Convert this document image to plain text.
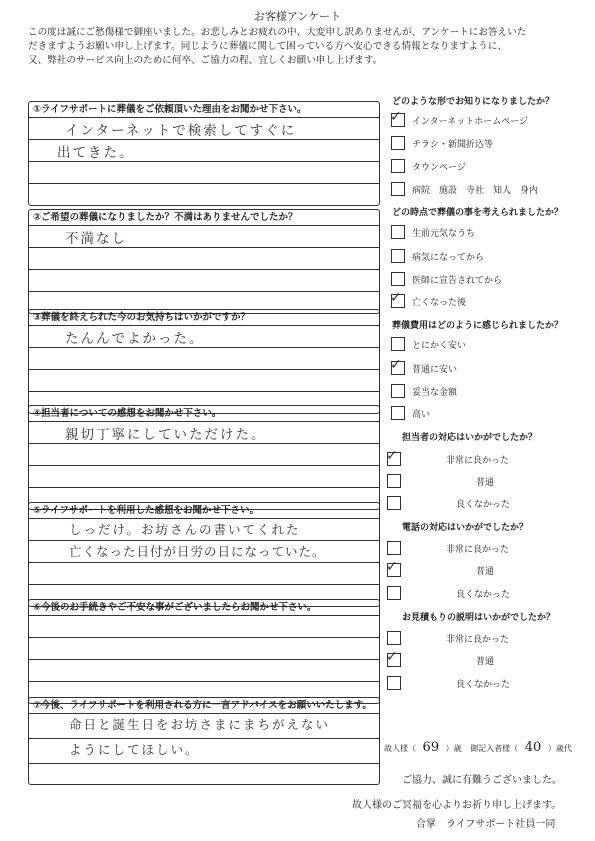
お客様アンケート
この度は誠にご愁傷様で御座いました。お悲しみとお疲れの中、大変申し訳ありませんが、アンケートにお答えいた
だきますようお願い申し上げます。同じように葬儀に関して困っている方へ安心できる情報となりますように、
又、弊社のサービス向上のために何卒、ご協力の程、宜しくお願い申し上げます。
①ライフサポートに葬儀をご依頼頂いた理由をお聞かせ下さい。
インターネットで検索してすぐに
出てきた。
②ご希望の葬儀になりましたか？不満はありませんでしたか？
不満なし
③葬儀を終えられた今のお気持ちはいかがですか？
たんんでよかった。
④担当者についての感想をお聞かせ下さい。
親切丁寧にしていただけた。
⑤ライフサポートを利用した感想をお聞かせ下さい。
しっだけ。お坊さんの書いてくれた
亡くなった日付が日労の日になっていた。
⑥今後のお手続きやご不安な事がございましたらお聞かせ下さい。
⑦今後、ライフサポートを利用される方に一言アドバイスをお願いいたします。
命日と誕生日をお坊さまにまちがえない
ようにしてほしい。
どのような形でお知りになりましたか？
✓ インターネットホームページ
チラシ・新聞折込等
タウンページ
病院　施設　寺社　知人　身内
どの時点で葬儀の事を考えられましたか？
生前元気なうち
病気になってから
医師に宣告されてから
✓ 亡くなった後
葬儀費用はどのように感じられましたか？
とにかく安い
✓ 普通に安い
妥当な金額
高い
担当者の対応はいかがでしたか？
✓	非常に良かった
普通
良くなかった
電話の対応はいかがでしたか？
非常に良かった
✓	普通
良くなかった
お見積もりの説明はいかがでしたか？
非常に良かった
✓	普通
良くなかった
故人様（ 69 ）歳 御記入者様（ 40 ）歳代
ご協力、誠に有難うございました。
故人様のご冥福を心よりお祈り申し上げます。
合掌　ライフサポート社員一同
